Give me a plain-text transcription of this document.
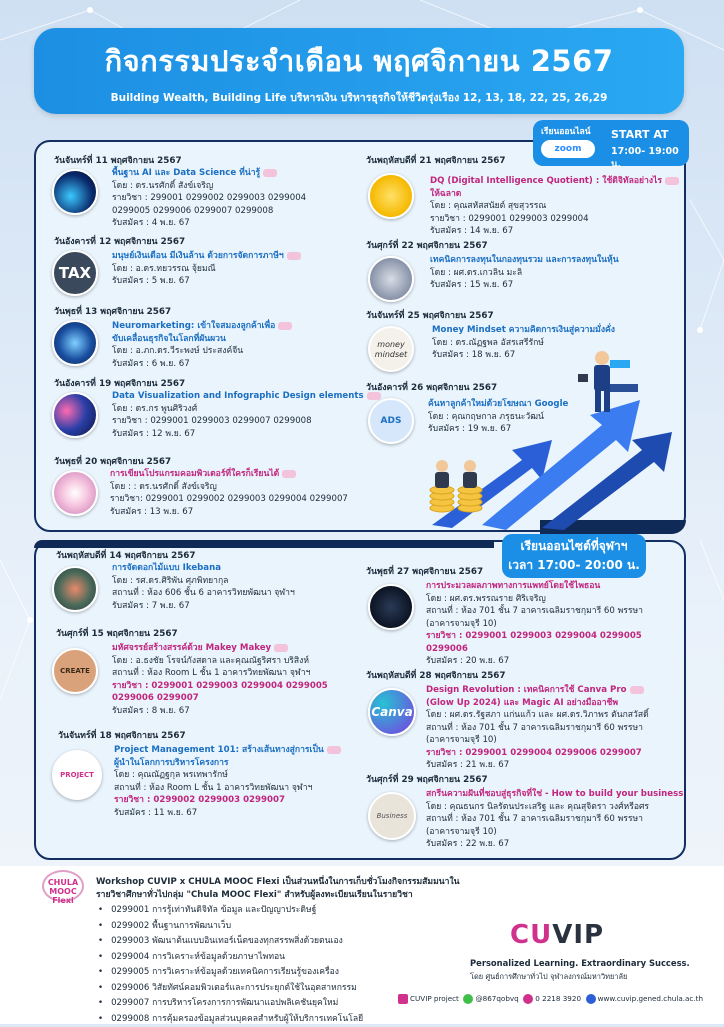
กิจกรรมประจำเดือน พฤศจิกายน 2567
Building Wealth, Building Life บริหารเงิน บริหารธุรกิจให้ชีวิตรุ่งเรือง 12, 13, 18, 22, 25, 26,29
เรียนออนไลน์
zoom
START AT
17:00- 19:00 น.
วันจันทร์ที่ 11 พฤศจิกายน 2567
พื้นฐาน AI และ Data Science ที่น่ารู้
โดย : ดร.นรศักดิ์ สังข์เจริญ
รายวิชา : 299001 0299002 0299003 0299004
0299005 0299006 0299007 0299008
รับสมัคร : 4 พ.ย. 67
วันอังคารที่ 12 พฤศจิกายน 2567
TAX
มนุษย์เงินเดือน มีเงินล้าน ด้วยการจัดการภาษีฯ
โดย : อ.ดร.ทยวรรณ จุ้ยมณี
รับสมัคร : 5 พ.ย. 67
วันพุธที่ 13 พฤศจิกายน 2567
Neuromarketing: เข้าใจสมองลูกค้าเพื่อ
ขับเคลื่อนธุรกิจในโลกที่ผันผวน
โดย : อ.ภก.ดร.วีระพงษ์ ประสงค์จีน
รับสมัคร : 6 พ.ย. 67
วันอังคารที่ 19 พฤศจิกายน 2567
Data Visualization and Infographic Design elements
โดย : ดร.กร พูนศิริวงศ์
รายวิชา : 0299001 0299003 0299007 0299008
รับสมัคร : 12 พ.ย. 67
วันพุธที่ 20 พฤศจิกายน 2567
การเขียนโปรแกรมคอมพิวเตอร์ที่ใครก็เรียนได้
โดย : : ดร.นรศักดิ์ สังข์เจริญ
รายวิชา: 0299001 0299002 0299003 0299004 0299007
รับสมัคร : 13 พ.ย. 67
วันพฤหัสบดีที่ 21 พฤศจิกายน 2567
DQ (Digital Intelligence Quotient) : ใช้ดิจิทัลอย่างไร
ให้ฉลาด
โดย : คุณสหัสสนัยต์ สุขสุวรรณ
รายวิชา : 0299001 0299003 0299004
รับสมัคร : 14 พ.ย. 67
วันศุกร์ที่ 22 พฤศจิกายน 2567
เทคนิคการลงทุนในกองทุนรวม และการลงทุนในหุ้น
โดย : ผศ.ดร.เกวลิน มะลิ
รับสมัคร : 15 พ.ย. 67
วันจันทร์ที่ 25 พฤศจิกายน 2567
money mindset
Money Mindset ความคิดการเงินสู่ความมั่งคั่ง
โดย : ดร.ณัฏฐพล อัสรเสรีรักษ์
รับสมัคร : 18 พ.ย. 67
วันอังคารที่ 26 พฤศจิกายน 2567
ADS
ค้นหาลูกค้าใหม่ด้วยโฆษณา Google
โดย : คุณกฤษกาล ภรุธนะวัฒน์
รับสมัคร : 19 พ.ย. 67
เรียนออนไซต์ที่จุฬาฯ
เวลา 17:00- 20:00 น.
วันพฤหัสบดีที่ 14 พฤศจิกายน 2567
การจัดดอกไม้แบบ Ikebana
โดย : รศ.ดร.ศิริพัน ศุภพิทยากุล
สถานที่ : ห้อง 606 ชั้น 6 อาคารวิทยพัฒนา จุฬาฯ
รับสมัคร : 7 พ.ย. 67
วันศุกร์ที่ 15 พฤศจิกายน 2567
CREATE
มหัศจรรย์สร้างสรรค์ด้วย Makey Makey
โดย : อ.ธงชัย โรจน์กังสดาล และคุณณัฐริศรา บริสิงห์
สถานที่ : ห้อง Room L ชั้น 1 อาคารวิทยพัฒนา จุฬาฯ
รายวิชา : 0299001 0299003 0299004 0299005
0299006 0299007
รับสมัคร : 8 พ.ย. 67
วันจันทร์ที่ 18 พฤศจิกายน 2567
PROJECT
Project Management 101: สร้างเส้นทางสู่การเป็น
ผู้นำในโลกการบริหารโครงการ
โดย : คุณณัฏฐกุล พรเทพารักษ์
สถานที่ : ห้อง Room L ชั้น 1 อาคารวิทยพัฒนา จุฬาฯ
รายวิชา : 0299002 0299003 0299007
รับสมัคร : 11 พ.ย. 67
วันพุธที่ 27 พฤศจิกายน 2567
การประมวลผลภาพทางการแพทย์โดยใช้ไพธอน
โดย : ผศ.ดร.พรรณราย ศิริเจริญ
สถานที่ : ห้อง 701 ชั้น 7 อาคารเฉลิมราชกุมารี 60 พรรษา
(อาคารจามจุรี 10)
รายวิชา : 0299001 0299003 0299004 0299005
0299006
รับสมัคร : 20 พ.ย. 67
วันพฤหัสบดีที่ 28 พฤศจิกายน 2567
Canva
Design Revolution : เทคนิคการใช้ Canva Pro
(Glow Up 2024) และ Magic AI อย่างมืออาชีพ
โดย : ผศ.ดร.รัฐสภา แก่นแก้ว และ ผศ.ดร.วิภาพร ตันกสวัสดิ์
สถานที่ : ห้อง 701 ชั้น 7 อาคารเฉลิมราชกุมารี 60 พรรษา
(อาคารจามจุรี 10)
รายวิชา : 0299001 0299004 0299006 0299007
รับสมัคร : 21 พ.ย. 67
วันศุกร์ที่ 29 พฤศจิกายน 2567
Business
สกรีนความฝันที่ชอบสู่ธุรกิจที่ใช่ - How to build your business
โดย : คุณธนกร นิลรัตนประเสริฐ และ คุณสุจิตรา วงศ์หรีอศร
สถานที่ : ห้อง 701 ชั้น 7 อาคารเฉลิมราชกุมารี 60 พรรษา
(อาคารจามจุรี 10)
รับสมัคร : 22 พ.ย. 67
CHULA MOOC Flexi
Workshop CUVIP x CHULA MOOC Flexi เป็นส่วนหนึ่งในการเก็บชั่วโมงกิจกรรมสัมมนาใน
รายวิชาศึกษาทั่วไปกลุ่ม "Chula MOOC Flexi" สำหรับผู้ลงทะเบียนเรียนในรายวิชา
• 0299001 การรู้เท่าทันดิจิทัล ข้อมูล และปัญญาประดิษฐ์
• 0299002 พื้นฐานการพัฒนาเว็บ
• 0299003 พัฒนาต้นแบบอินเทอร์เน็ตของทุกสรรพสิ่งด้วยตนเอง
• 0299004 การวิเคราะห์ข้อมูลด้วยภาษาไพทอน
• 0299005 การวิเคราะห์ข้อมูลด้วยเทคนิคการเรียนรู้ของเครื่อง
• 0299006 วิสัยทัศน์คอมพิวเตอร์และการประยุกต์ใช้ในอุตสาหกรรม
• 0299007 การบริหารโครงการการพัฒนาแอปพลิเคชันยุคใหม่
• 0299008 การคุ้มครองข้อมูลส่วนบุคคลสำหรับผู้ให้บริการเทคโนโลยี
CUVIP
Personalized Learning. Extraordinary Success.
โดย ศูนย์การศึกษาทั่วไป จุฬาลงกรณ์มหาวิทยาลัย
CUVIP project @867qobvq 0 2218 3920 www.cuvip.gened.chula.ac.th
